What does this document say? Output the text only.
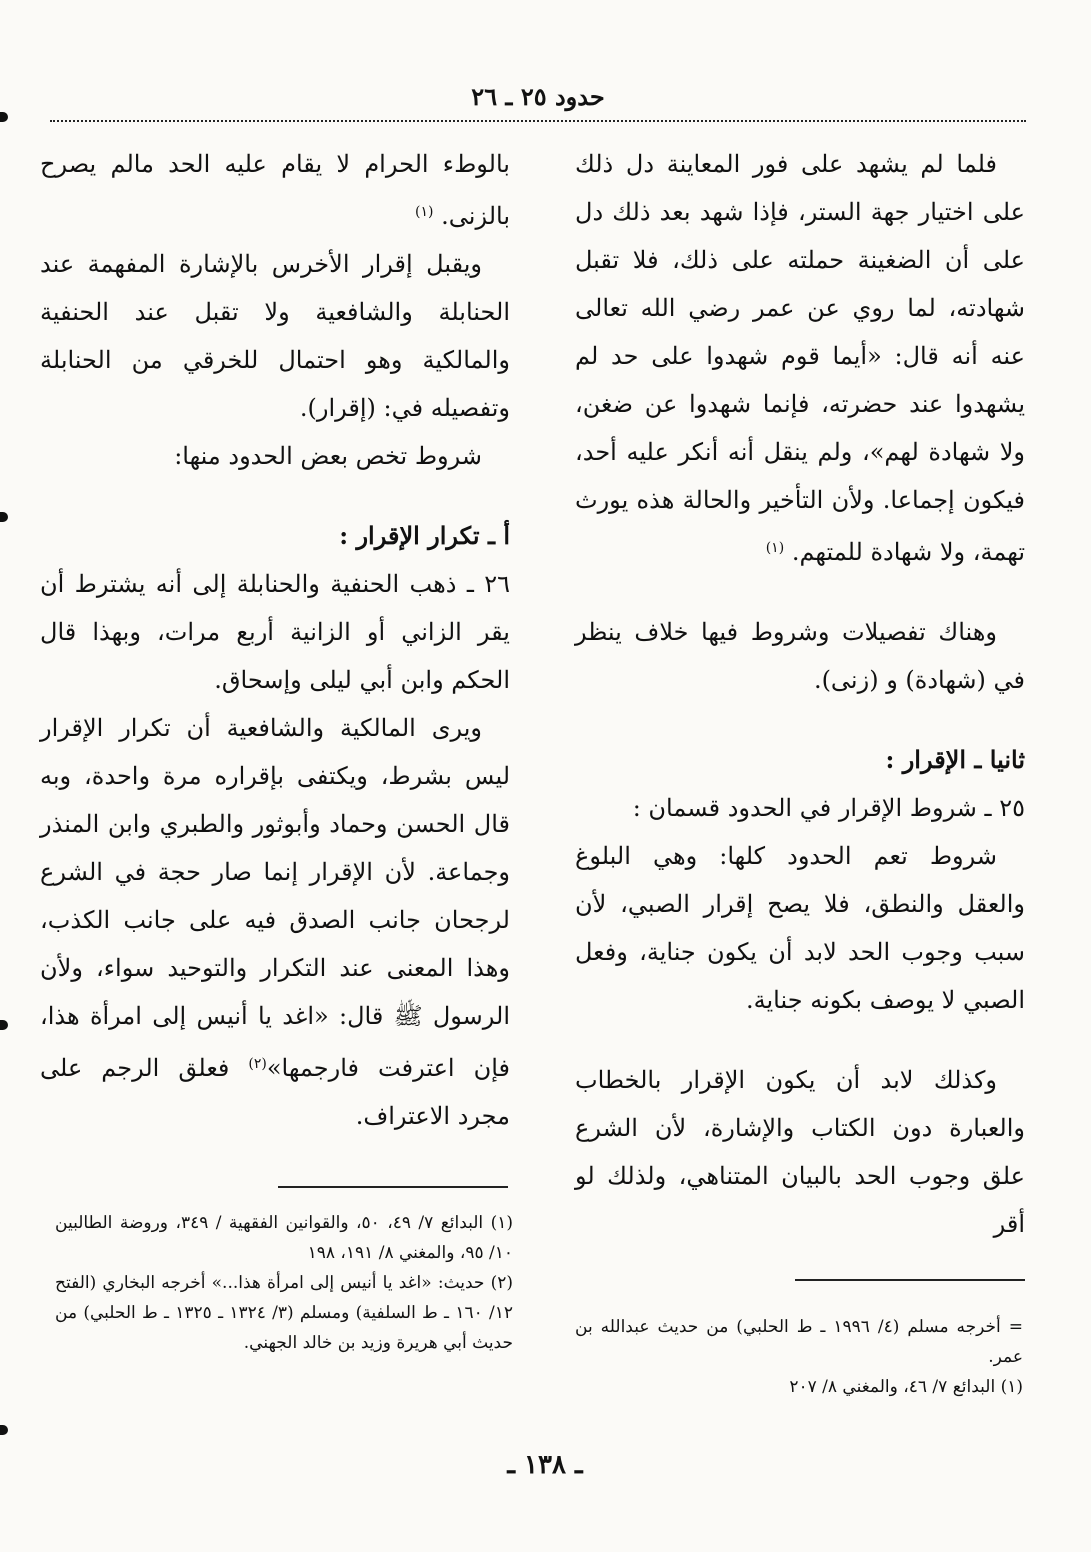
حدود ٢٥ ـ ٢٦

فلما لم يشهد على فور المعاينة دل ذلك على اختيار جهة الستر، فإذا شهد بعد ذلك دل على أن الضغينة حملته على ذلك، فلا تقبل شهادته، لما روي عن عمر رضي الله تعالى عنه أنه قال: «أيما قوم شهدوا على حد لم يشهدوا عند حضرته، فإنما شهدوا عن ضغن، ولا شهادة لهم»، ولم ينقل أنه أنكر عليه أحد، فيكون إجماعا. ولأن التأخير والحالة هذه يورث تهمة، ولا شهادة للمتهم. $^{(١)}$

وهناك تفصيلات وشروط فيها خلاف ينظر في (شهادة) و (زنى).

ثانيا ـ الإقرار :

٢٥ ـ شروط الإقرار في الحدود قسمان :

شروط تعم الحدود كلها: وهي البلوغ والعقل والنطق، فلا يصح إقرار الصبي، لأن سبب وجوب الحد لابد أن يكون جناية، وفعل الصبي لا يوصف بكونه جناية.

وكذلك لابد أن يكون الإقرار بالخطاب والعبارة دون الكتاب والإشارة، لأن الشرع علق وجوب الحد بالبيان المتناهي، ولذلك لو أقر

بالوطء الحرام لا يقام عليه الحد مالم يصرح بالزنى. $^{(١)}$

ويقبل إقرار الأخرس بالإشارة المفهمة عند الحنابلة والشافعية ولا تقبل عند الحنفية والمالكية وهو احتمال للخرقي من الحنابلة وتفصيله في: (إقرار).

شروط تخص بعض الحدود منها:

أ ـ تكرار الإقرار :

٢٦ ـ ذهب الحنفية والحنابلة إلى أنه يشترط أن يقر الزاني أو الزانية أربع مرات، وبهذا قال الحكم وابن أبي ليلى وإسحاق.

ويرى المالكية والشافعية أن تكرار الإقرار ليس بشرط، ويكتفى بإقراره مرة واحدة، وبه قال الحسن وحماد وأبوثور والطبري وابن المنذر وجماعة. لأن الإقرار إنما صار حجة في الشرع لرجحان جانب الصدق فيه على جانب الكذب، وهذا المعنى عند التكرار والتوحيد سواء، ولأن الرسول ﷺ قال: «اغد يا أنيس إلى امرأة هذا، فإن اعترفت فارجمها»$^{(٢)}$ فعلق الرجم على مجرد الاعتراف.

(١) البدائع ٧/ ٤٩، ٥٠، والقوانين الفقهية / ٣٤٩، وروضة الطالبين ١٠/ ٩٥، والمغني ٨/ ١٩١، ١٩٨

(٢) حديث: «اغد يا أنيس إلى امرأة هذا...» أخرجه البخاري (الفتح ١٢/ ١٦٠ ـ ط السلفية) ومسلم (٣/ ١٣٢٤ ـ ١٣٢٥ ـ ط الحلبي) من حديث أبي هريرة وزيد بن خالد الجهني.

= أخرجه مسلم (٤/ ١٩٩٦ ـ ط الحلبي) من حديث عبدالله بن عمر.

(١) البدائع ٧/ ٤٦، والمغني ٨/ ٢٠٧

ـ ١٣٨ ـ
